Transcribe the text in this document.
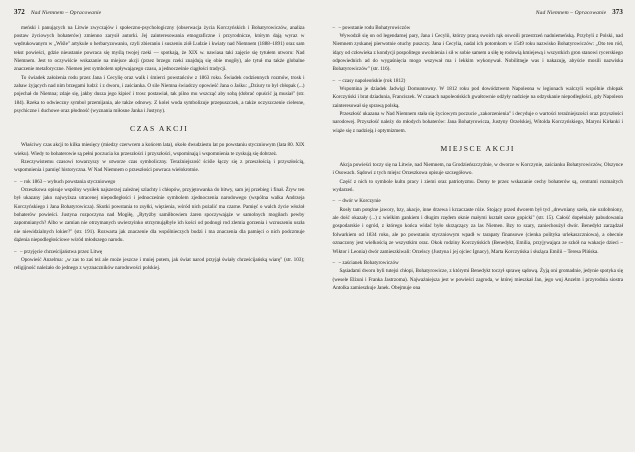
372 Nad Niemnem – Opracowanie

meński i panujących na Litwie zwyczajów i społeczno-psychologiczny (obserwacja życia Korczyńskich i Bohatyrowiczów, analiza postaw życiowych bohaterów) zmienno zarysił autorki. Jej zainteresowania etnograficzne i przyrodnicze, którym dają wyraz w wędrukowanym w „Wiśle" artykule o herbaryzowaniu, czyli zbieraniu i suszeniu ziół Ludzie i kwiaty nad Niemnem (1888–1891) oraz sam tekst powieści, gdzie nieustanie powraca się myślą twojej rzeki — spotkają, że XIX w. nawiasa taki zajęcie się tytułem utworu: Nad Niemnem. Jest to oczywiście wskazanie na miejsce akcji (przez brzegu rzeki znajdują się obie mogiły), ale tytuł ma także globalne znaczenie metaforyczne. Niemen jest symbolem upływającego czasu, a jednocześnie ciągłości tradycji.

To świadek założenia rodu przez Jana i Cecylię oraz walk i śmierci powstańców z 1863 roku. Świadek codziennych rozmów, trosk i zabaw żyjących nad nim brzegami ludzi: i z dworu, i zaścianka. O sile Niemna świadczy opowieść Jana o Jaśku: „Dziury to byl chłopak (...) pojechał do Niemna; zdaje się, jakby dusza jego kipieć i trosc postawiał, tak pilno mu wszcząć aby sobą (dobrać opuścić ją musiał" (str. 184). Rzeka to odwieczny symbol przemijania, ale także odnowy. Z kolei woda symbolizuje przepuszczek, a także oczyszczenie cielesne, psychiczne i duchowe oraz płodność (wyznania miłosne Janka i Justyny).

CZAS AKCJI

Właściwy czas akcji to kilka miesięcy (miedzy czerwcem a końcem lata), około dwudziestu lat po powstaniu styczniowym (lata 80. XIX wieku). Wiedy to bohaterowie są pełni poczucia ku przeszłości i przyszłości, wspominają i wspomnienia te zyskują się dobrzeż.

Rzeczywistemu czasowi towarzyszy w utworze czas symboliczny. Teraźniejszość ściśle łączy się z przeszłością i przyszłością, wspomnienia i pamięć historyczna. W Nad Niemnem o przeszłości powraca wielokrotnie.

– – rok 1863 – wybuch powstania styczniowego

Orzeszkowa opisuje wspólny wysiłek najszerzej zależnej szlachty i chłopów, przyjętowanka do bitwy, sam jej przebieg i finał. Źryw ten był ukazany jako najwyższa utracenej niepodległości i jednocześnie symbolem zjednoczenia narodowego (wspólna walka Andrzeja Korczyńskiego i Jana Bohatyrowicza). Skutki powstania to zsyłki, więzienia, wśród nich pożalić ma czarne. Pamięć o walch życie włożoł bohaterów powieści. Justyna rozpoczyna nad Mogiłę, „Rytyżby samiłbowiem żaren spoczywająże w samolnych mogiłach pewby zapomnianych? Albo w zamian nie otrzymanych uwierzyinko otrzymująłbyle ich kości od podnogi rod zlemia gorzenia i wzruszeniu uszła nie niewidzialnych lokier?" (str. 191). Rozwarta jak znaczenie dla wspólnieczych budzi i ma znaczenia dla pamięci o nich podczmuje dążenia niepodległościowe wśród młodszego narodu.

– – przyjęcie chrześcijaństwa przez Litwę

Opowieść Anzelma: „w zas to zaś też ale może jeszcze i mniej potem, jak świat narod przyjął świały chrześcijańską wiarę" (str. 103); religijność należało do jednego z wyznaczników narodowości polskiej.

Nad Niemnem – Opracowanie 373

– – powstanie rodu Bohatyrowiczów

Wywodził się on od legendarnej pary, Jana i Cecylii, którzy pracą swoich rąk oswoili przestrzeń nadniemeńską. Przybyli z Polski, nad Niemnem zyskanej pierwotnie otuchy puszczy. Jana i Cecylia, nadal ich potomkom w 1549 roku nazwisko Bohatyrowiczów: „Oto ten ród, idący od człowieka z kondycji pospolitego uwolnienia i sił w sobie samem a siłę tę rodowią kmiejewą i wszystkich gron stanowi rycerskiego odpowiednich ad do wygaśnięcia mogo wszywał ma i lekkim wykonywał. Nobilitnęje was i nakazuję, abyście mosili nazwiska Bohatyrowiczów" (str. 116).

– – czasy napoleońskie (rok 1812)

Wspomina je dziadek Jadwigi Domuntowny. W 1812 roku pod dowództwem Napoleona w legionach walczyli wspólnie chłopak Korczyński i brat dziadunia, Franciszek. W czasach napoleońskich gwałtownie odżyły nadzieje na odzyskanie niepodległości, gdy Napoleon zainteresował się sprawą polską.

Przeszłość ukazana w Nad Niemnem stała się życiowym poczucie „zakorzenienia" i decyduje o wartości teraźniejszości oraz przyszłości narodowej. Przyszłość należy do młodych bohaterów: Jana Bohatyrowicza, Justyny Orzelskiej, Witolda Korczyńskiego, Maryni Kirłanki i wiąże się z nadzieją i optymizmem.

MIEJSCE AKCJI

Akcja powieści toczy się na Litwie, nad Niemnem, na Grodzieńszczyźnie, w dworze w Korczynie, zaścianku Bohatyrowiczów, Olszynce i Osowach. Sądowi z tych miejsc Orzeszkowa opisuje szczegółowo.

Część z nich to symbole kultu pracy i ziemi oraz patriotyzmu. Domy te przez wskazanie cechy bohaterów są, centrami rozmaitych wydarzeń.

– – dwór w Korczynie

Rosły tam potężne jawory, bzy, akacje, inne drzewa i krzaczaste róże. Stojący przed dworem był tyd „drewniany szeła, nie ozdobniony, ale dość okazały (...) z wielkim gankiem i długim rzędem oknie małymi kształt szeze gopicki" (str. 15). Całość dopełniały pabudowania gospodarskie i ogród, z którego końca widać było skrzączący za las Niemen. Bzy to szary, zaniechoużył dwór. Benedykt zarządzał folwarkiem od 1834 roku, ale po powstaniu styczniowym wpadł w tarapaty finansowe (cienka polityka urlekaszczniowa), a obecnie oznaczony jest wielkością ze wszystkim oraz. Okok rodziny Korczyńskich (Benedykt, Emilia, przyjywająca ze szkół na wakacje dzieci – Wiktor i Leonia) dwór zamieszkiwali: Orzelscy (Justyna i jej ojciec Ignacy), Marta Korczyńska i służąca Emilii – Teresa Plińska.

– – zaścianek Bohatyrowiczów

Sąsiadami dworu byli tutejsi chłopi, Bohatyrowicze, z którymi Benedykt toczył sprawę sądową. Żyją oni gromadnie, jedynie spotyka się (wesele Elżuni i Franka Jastrzoma). Najważniejsza jest w powieści zagroda, w której mieszkał Jan, jego wuj Anzelm i przyrodnia siostra Antolka zamieszkuje Janek. Obejmuje ona
